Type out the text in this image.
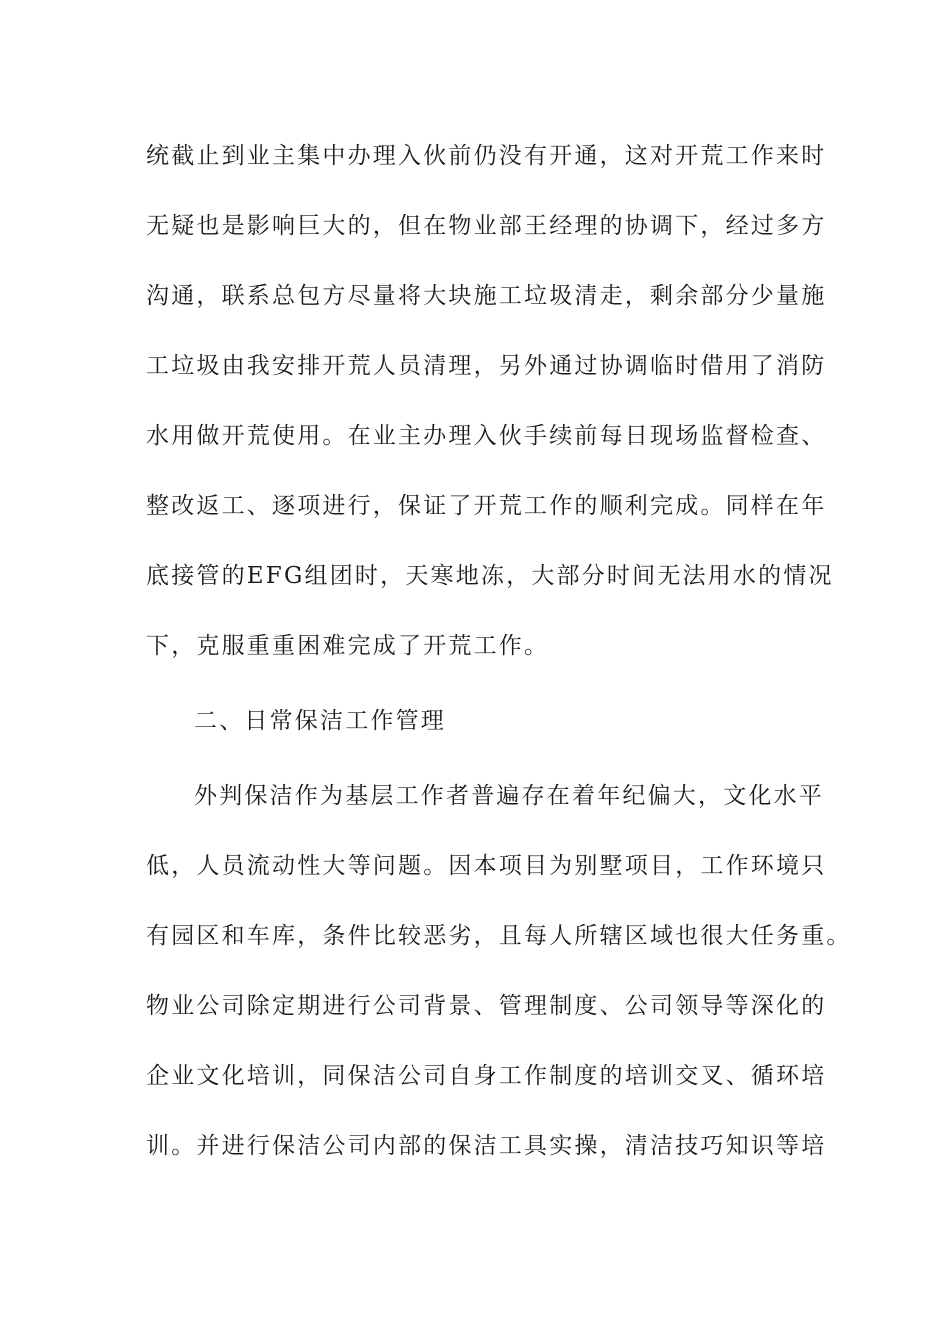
统截止到业主集中办理入伙前仍没有开通，这对开荒工作来时
无疑也是影响巨大的，但在物业部王经理的协调下，经过多方
沟通，联系总包方尽量将大块施工垃圾清走，剩余部分少量施
工垃圾由我安排开荒人员清理，另外通过协调临时借用了消防
水用做开荒使用。在业主办理入伙手续前每日现场监督检查、
整改返工、逐项进行，保证了开荒工作的顺利完成。同样在年
底接管的EFG组团时，天寒地冻，大部分时间无法用水的情况
下，克服重重困难完成了开荒工作。
二、日常保洁工作管理
外判保洁作为基层工作者普遍存在着年纪偏大，文化水平
低，人员流动性大等问题。因本项目为别墅项目，工作环境只
有园区和车库，条件比较恶劣，且每人所辖区域也很大任务重。
物业公司除定期进行公司背景、管理制度、公司领导等深化的
企业文化培训，同保洁公司自身工作制度的培训交叉、循环培
训。并进行保洁公司内部的保洁工具实操，清洁技巧知识等培
